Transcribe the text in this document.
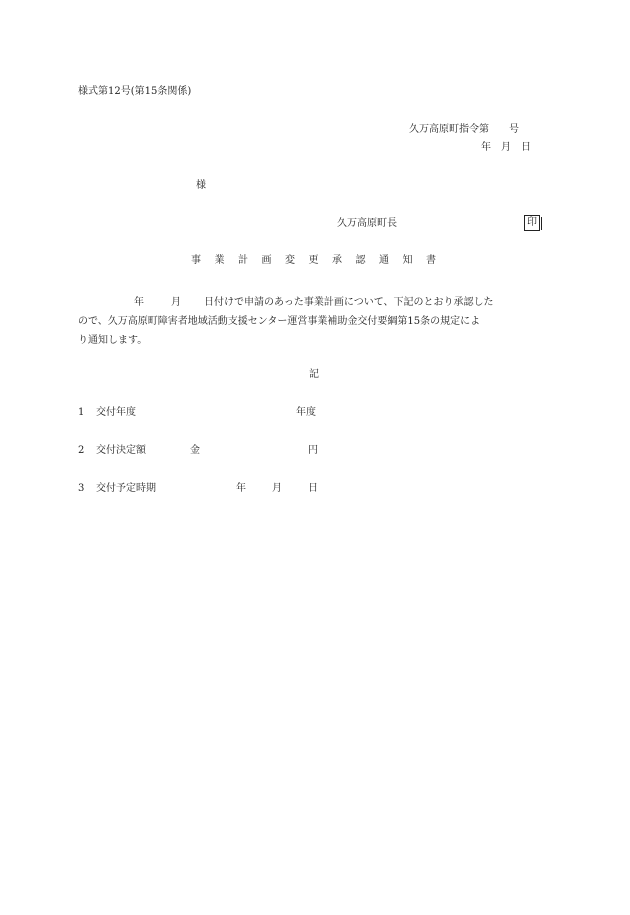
様式第12号(第15条関係)
久万高原町指令第　　号
年　月　日
様
久万高原町長	印
事 業 計 画 変 更 承 認 通 知 書
年	月 日付けで申請のあった事業計画について、下記のとおり承認した
ので、久万高原町障害者地域活動支援センター運営事業補助金交付要綱第15条の規定によ
り通知します。
記
1 交付年度	年度
2 交付決定額	金	円
3 交付予定時期	年	月	日
